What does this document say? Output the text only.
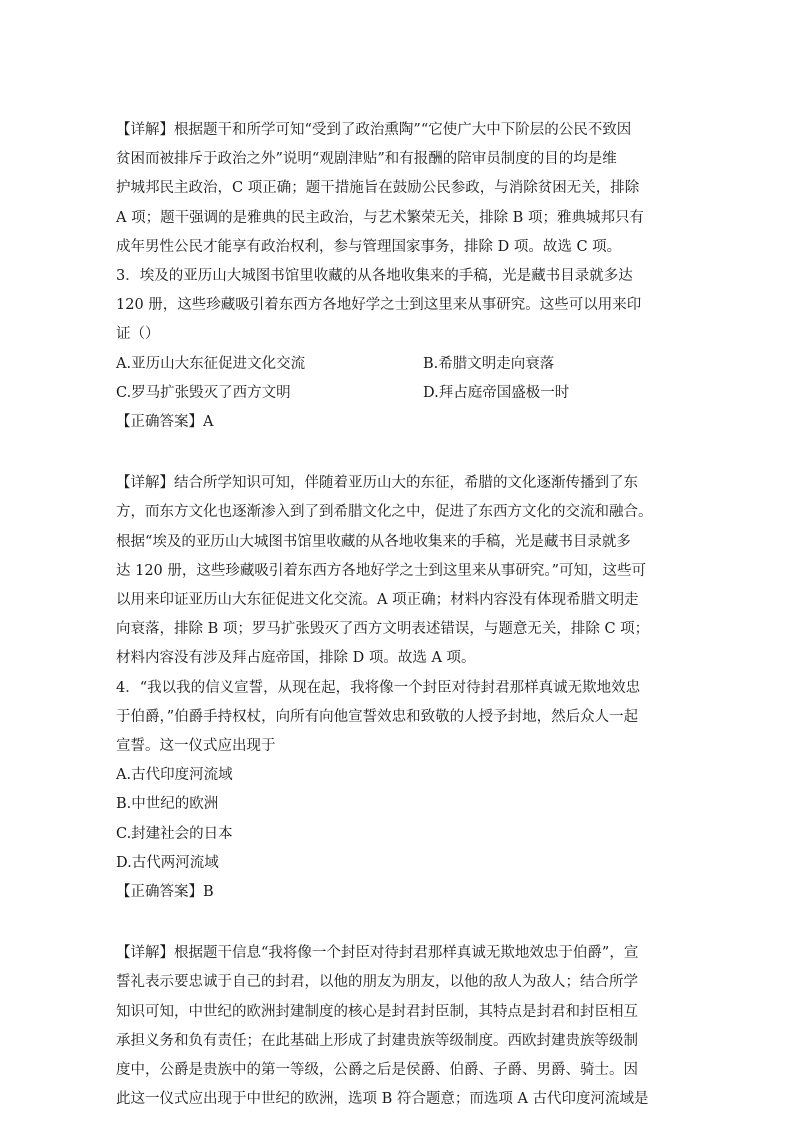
【详解】根据题干和所学可知“受到了政治熏陶”“它使广大中下阶层的公民不致因

贫困而被排斥于政治之外”说明“观剧津贴”和有报酬的陪审员制度的目的均是维

护城邦民主政治，C 项正确；题干措施旨在鼓励公民参政，与消除贫困无关，排除

A 项；题干强调的是雅典的民主政治，与艺术繁荣无关，排除 B 项；雅典城邦只有

成年男性公民才能享有政治权利，参与管理国家事务，排除 D 项。故选 C 项。

3．埃及的亚历山大城图书馆里收藏的从各地收集来的手稿，光是藏书目录就多达

120 册，这些珍藏吸引着东西方各地好学之士到这里来从事研究。这些可以用来印

证（）

A.亚历山大东征促进文化交流	B.希腊文明走向衰落
C.罗马扩张毁灭了西方文明	D.拜占庭帝国盛极一时
【正确答案】A

【详解】结合所学知识可知，伴随着亚历山大的东征，希腊的文化逐渐传播到了东

方，而东方文化也逐渐渗入到了到希腊文化之中，促进了东西方文化的交流和融合。

根据“埃及的亚历山大城图书馆里收藏的从各地收集来的手稿，光是藏书目录就多

达 120 册，这些珍藏吸引着东西方各地好学之士到这里来从事研究。”可知，这些可

以用来印证亚历山大东征促进文化交流。A 项正确；材料内容没有体现希腊文明走

向衰落，排除 B 项；罗马扩张毁灭了西方文明表述错误，与题意无关，排除 C 项；

材料内容没有涉及拜占庭帝国，排除 D 项。故选 A 项。

4．“我以我的信义宣誓，从现在起，我将像一个封臣对待封君那样真诚无欺地效忠

于伯爵，”伯爵手持权杖，向所有向他宣誓效忠和致敬的人授予封地，然后众人一起

宣誓。这一仪式应出现于

A.古代印度河流域
B.中世纪的欧洲
C.封建社会的日本
D.古代两河流域
【正确答案】B

【详解】根据题干信息“我将像一个封臣对待封君那样真诚无欺地效忠于伯爵”，宣

誓礼表示要忠诚于自己的封君，以他的朋友为朋友，以他的敌人为敌人；结合所学

知识可知，中世纪的欧洲封建制度的核心是封君封臣制，其特点是封君和封臣相互

承担义务和负有责任；在此基础上形成了封建贵族等级制度。西欧封建贵族等级制

度中，公爵是贵族中的第一等级，公爵之后是侯爵、伯爵、子爵、男爵、骑士。因

此这一仪式应出现于中世纪的欧洲，选项 B 符合题意；而选项 A 古代印度河流域是
